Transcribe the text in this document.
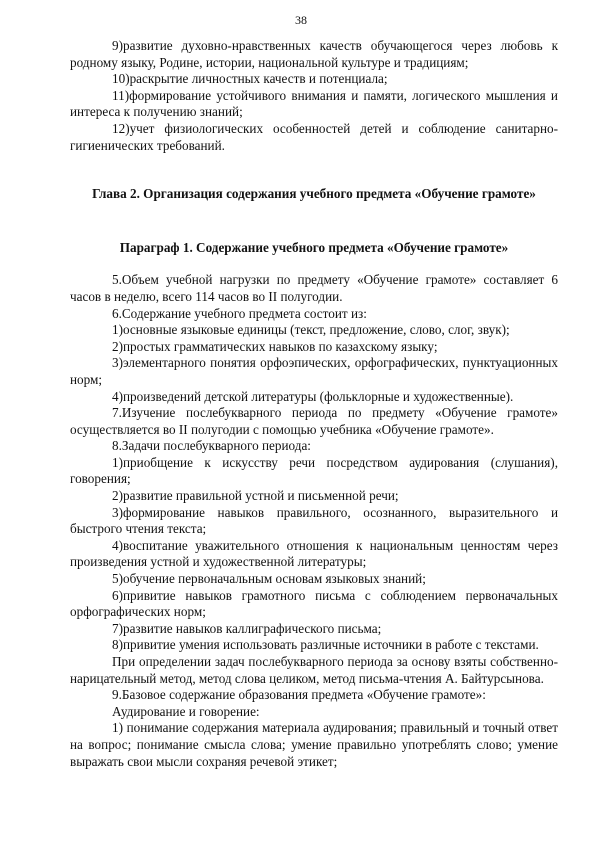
38

9)развитие духовно-нравственных качеств обучающегося через любовь к родному языку, Родине, истории, национальной культуре и традициям;

10)раскрытие личностных качеств и потенциала;

11)формирование устойчивого внимания и памяти, логического мышления и интереса к получению знаний;

12)учет физиологических особенностей детей и соблюдение санитарно-гигиенических требований.

Глава 2. Организация содержания учебного предмета «Обучение грамоте»

Параграф 1. Содержание учебного предмета «Обучение грамоте»

5.Объем учебной нагрузки по предмету «Обучение грамоте» составляет 6 часов в неделю, всего 114 часов во II полугодии.

6.Содержание учебного предмета состоит из:

1)основные языковые единицы (текст, предложение, слово, слог, звук);

2)простых грамматических навыков по казахскому языку;

3)элементарного понятия орфоэпических, орфографических, пунктуационных норм;

4)произведений детской литературы (фольклорные и художественные).

7.Изучение послебукварного периода по предмету «Обучение грамоте» осуществляется во II полугодии с помощью учебника «Обучение грамоте».

8.Задачи послебукварного периода:

1)приобщение к искусству речи посредством аудирования (слушания), говорения;

2)развитие правильной устной и письменной речи;

3)формирование навыков правильного, осознанного, выразительного и быстрого чтения текста;

4)воспитание уважительного отношения к национальным ценностям через произведения устной и художественной литературы;

5)обучение первоначальным основам языковых знаний;

6)привитие навыков грамотного письма с соблюдением первоначальных орфографических норм;

7)развитие навыков каллиграфического письма;

8)привитие умения использовать различные источники в работе с текстами.

При определении задач послебукварного периода за основу взяты собственно-нарицательный метод, метод слова целиком, метод письма-чтения А. Байтурсынова.

9.Базовое содержание образования предмета «Обучение грамоте»:

Аудирование и говорение:

1) понимание содержания материала аудирования; правильный и точный ответ на вопрос; понимание смысла слова; умение правильно употреблять слово; умение выражать свои мысли сохраняя речевой этикет;
